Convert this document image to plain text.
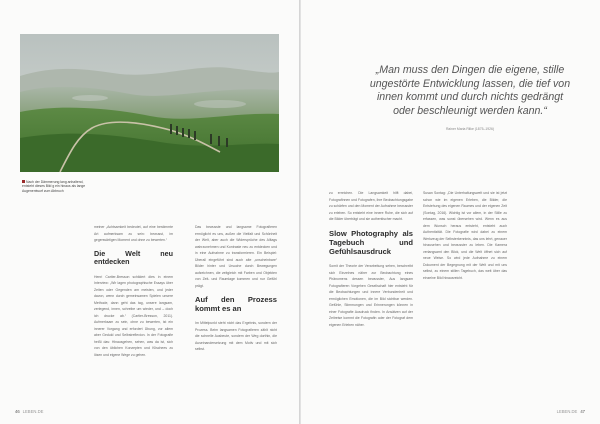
Nach der Dämmerung lang anhaltend, entsteht dieses Bild g ein hinaus als lange Augenentwurf zum Abbruch

meiner „Achtsamkeit bedeutet, auf eine bestimmte Art aufmerksam zu sein: bewusst, im gegenwärtigen Moment und ohne zu bewerten.“

Die Welt neu entdecken

Henri Cartier-Bresson schildert dies in einem Interview: „Wir lagen photographische Essays über Zeiten oder Gegenden am meisten, und jeder davon, wenn durch gemeinsamen Spielen unsere Methode, dann geht das tag, unsere langsam, zerlegend, innen, schreibe um wieder, und – doch ich drucke ab.“ (Cartier-Bresson, 2011). Aufmerksam zu sein, ohne zu bewerten, ist ein innerer Vorgang und erfordert Übung, vor allem aber Geduld und Selbstreflexion. In der Fotografie heißt das: Hinausgehen, sehen, was da ist, sich von den üblichen Konzepten und Klischees zu lösen und eigene Wege zu gehen.

Das bewusste und langsame Fotografieren ermöglicht es uns, außen die Vielfalt und Schönheit der Welt, aber auch die Widersprüche des Alltags wahrzunehmen und Kontraste neu zu entdecken und in eine Aufnahme zu transformieren. Ein Beispiel: Überall eingeführt sind auch alte „unscheinbare“ Bilder hinter und Ursuche durch Bewegungen aufzeichnen, die zeitgleich mit Farben und Objekten von Zeit- und Raumlage kommen und nur Gefühl prägt.

Auf den Prozess kommt es an

Im Mittelpunkt steht nicht das Ergebnis, sondern der Prozess. Beim langsamen Fotografieren zählt nicht die schnelle Ausbeute, sondern der Weg dorthin, die Auseinandersetzung mit dem Motiv und mit sich selbst.

46 LEBEN.DE
„Man muss den Dingen die eigene, stille ungestörte Entwicklung lassen, die tief von innen kommt und durch nichts gedrängt oder beschleunigt werden kann.“
Rainer Maria Rilke (1875–1926)

zu erreichen. Die Langsamkeit hilft dabei, Fotografinnen und Fotografen, ihre Beobachtungsgabe zu schärfen und den Moment der Aufnahme bewusster zu erleben. So entsteht eine innere Ruhe, die sich auf die Bilder überträgt und sie authentischer macht.

Slow Photography als Tagebuch und Gefühlsausdruck

Somit der Theorie der Verarbeitung sehen, beschreibt sich Einzelnes näher zur Beobachtung eines Phänomens dessen bewusster, Aus langsam Fotografieren Vorgehen Gesellschaft hier entsteht für die Beobachtungen und innere Verbundenheit und ermöglichen Emotionen, die im Bild sichtbar werden. Gefühle, Stimmungen und Erinnerungen können in einer Fotografie Ausdruck finden. In Ansätzen auf der Zeitreise kommt die Fotografin oder der Fotograf dem eigenen Erleben näher.

Susan Sontag: „Die Unterhaltungswelt und sie ist jetzt schon wie im eigenen Erleben, die Bilder, die Entstehung des eigenen Raumes und der eigenen Zeit (Sontag, 2016). Wichtig ist vor allem, in der Stille zu erfassen, was sonst übersehen wird. Wenn es aus dem Wunsch heraus entsteht, entsteht auch Authentizität. Die Fotografie wird dabei zu einem Werkzeug der Selbsterkenntnis, das uns lehrt, genauer hinzusehen und bewusster zu leben. Die Kamera verlangsamt den Blick, und die Welt öffnet sich auf neue Weise. So wird jede Aufnahme zu einem Dokument der Begegnung mit der Welt und mit uns selbst, zu einem stillen Tagebuch, das weit über das einzelne Bild hinausreicht.

LEBEN.DE 47
